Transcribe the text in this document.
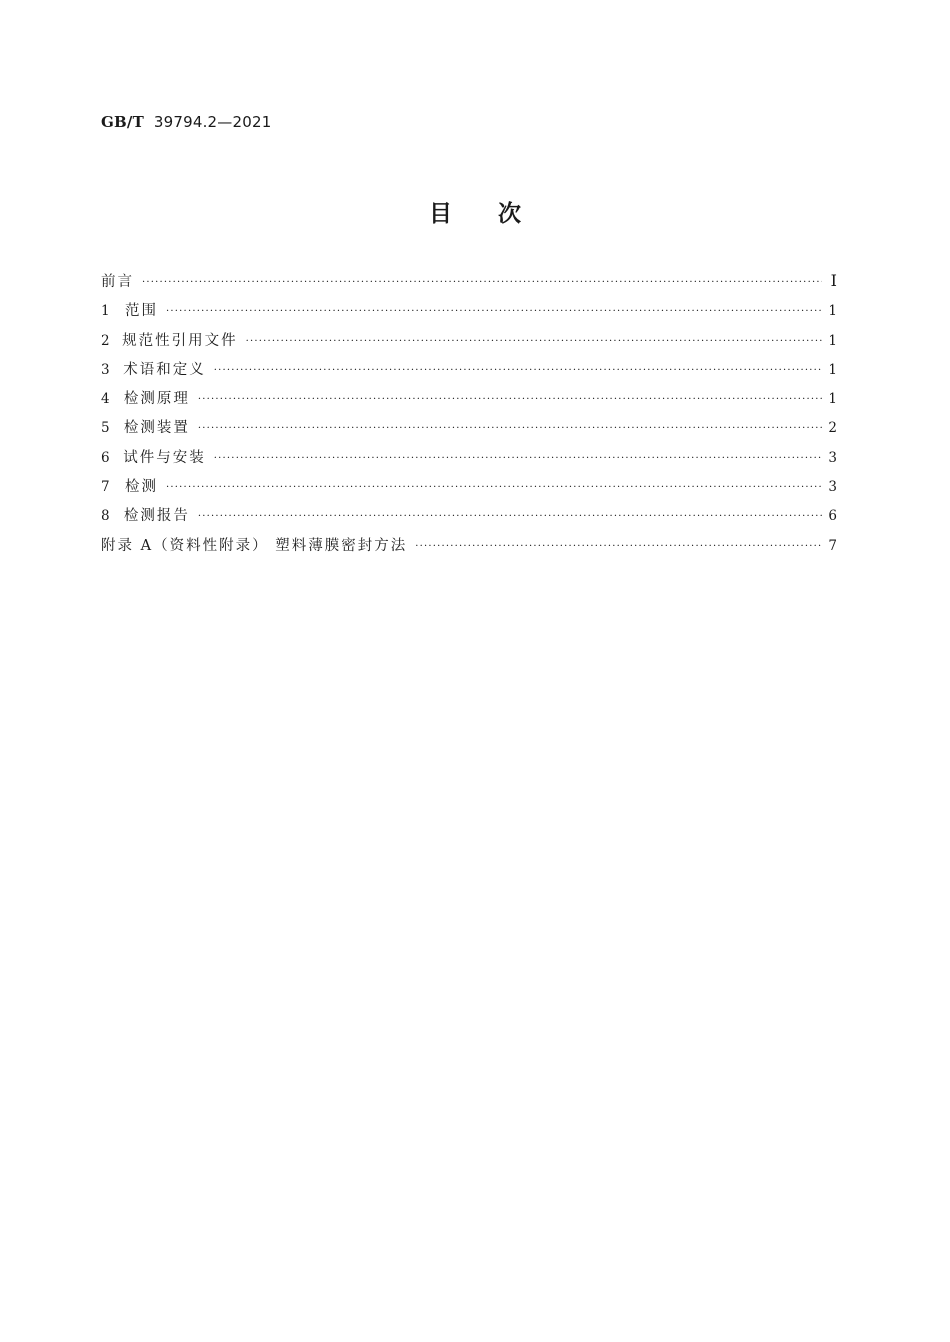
GB/T 39794.2—2021
目次
前言 ·····	Ⅰ
1	范围 ·····	1
2 规范性引用文件 ·····	1
3 术语和定义 ·····	1
4 检测原理 ·····	1
5 检测装置 ·····	2
6 试件与安装 ·····	3
7	检测 ·····	3
8 检测报告 ·····	6
附录 A（资料性附录） 塑料薄膜密封方法 ·····	7
